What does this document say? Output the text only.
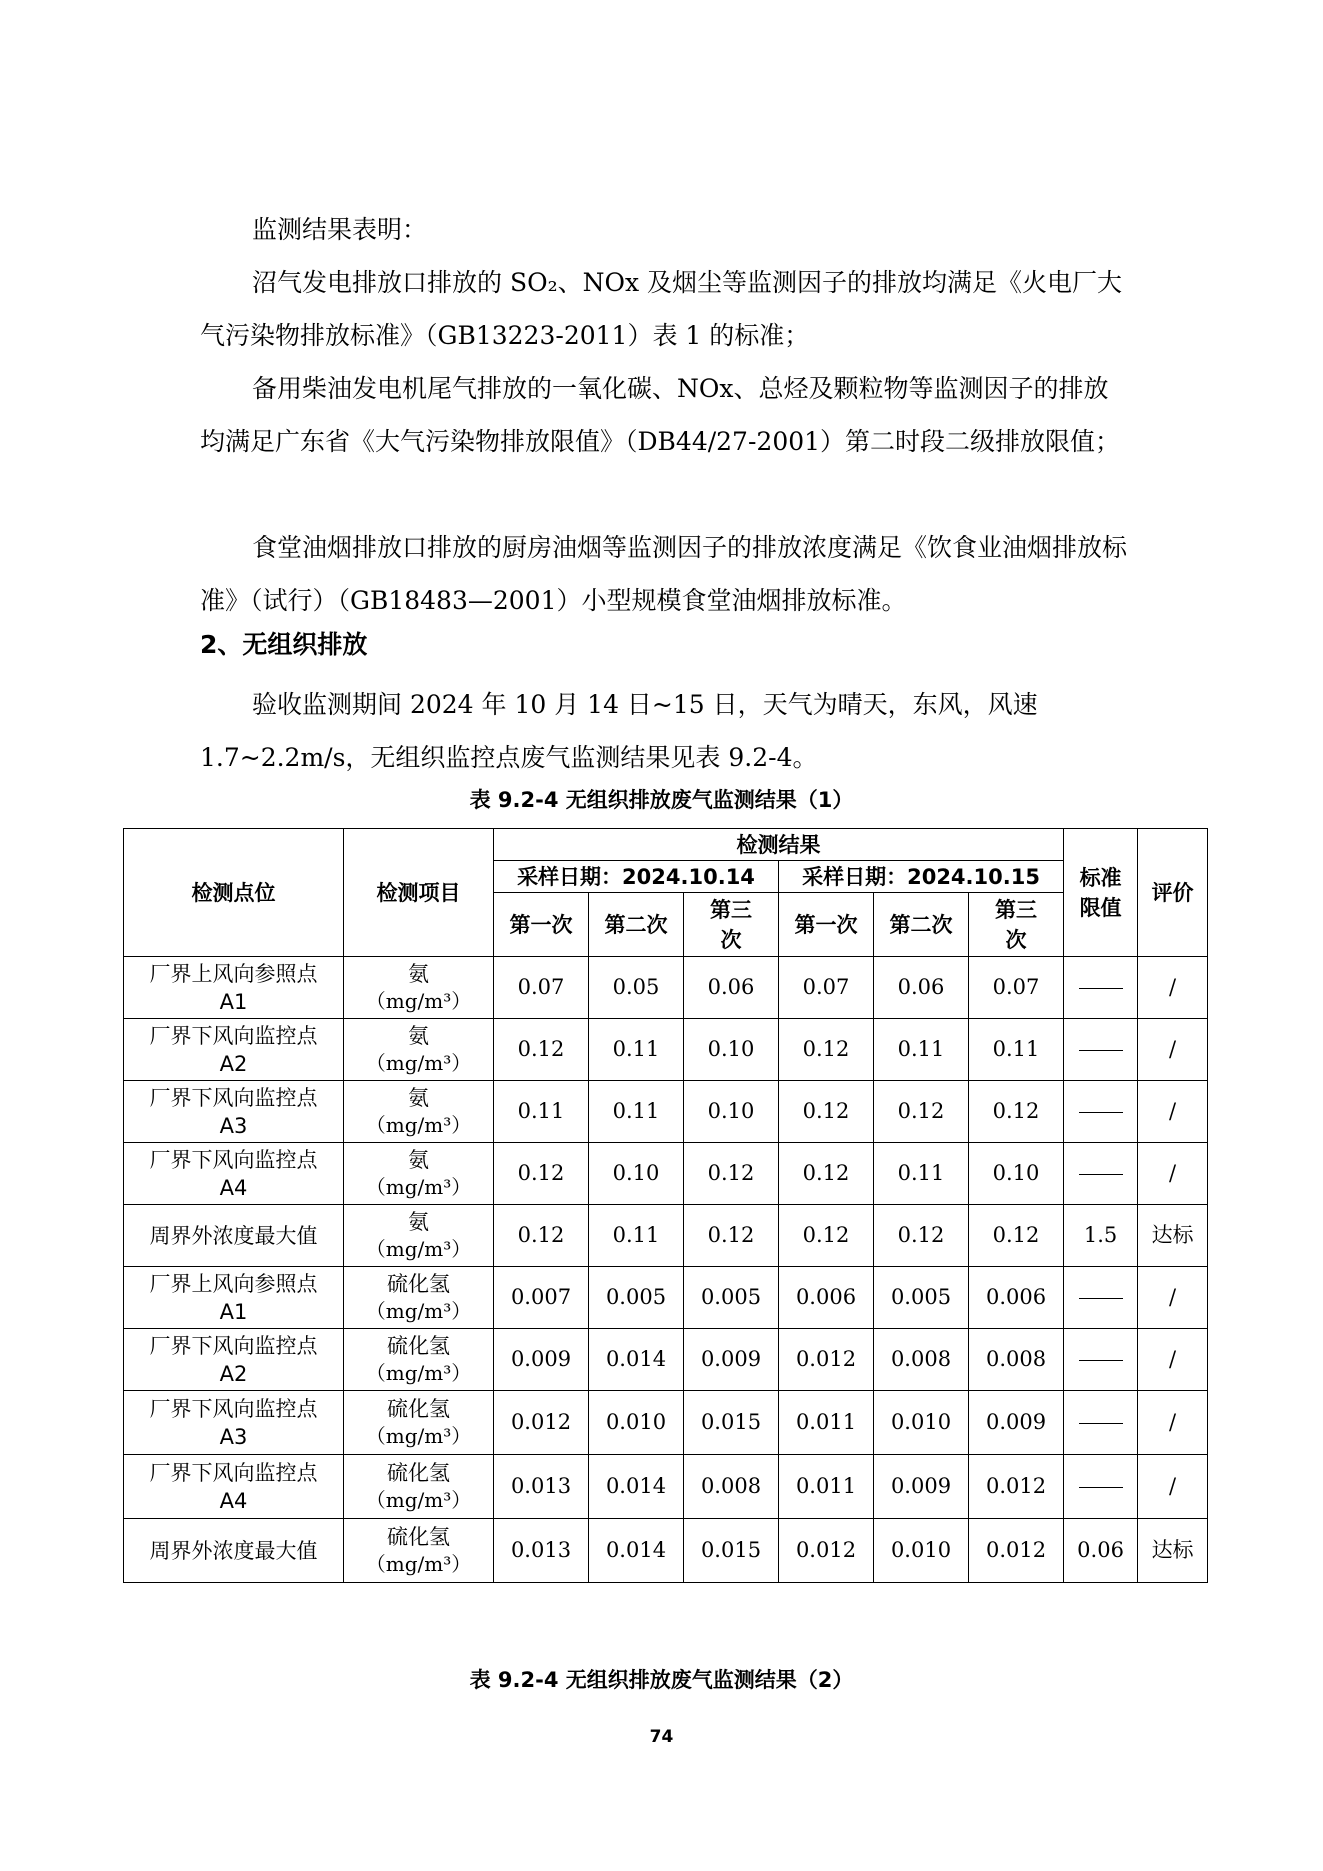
监测结果表明：

沼气发电排放口排放的 SO₂、NOx 及烟尘等监测因子的排放均满足《火电厂大气污染物排放标准》（GB13223-2011）表 1 的标准；

备用柴油发电机尾气排放的一氧化碳、NOx、总烃及颗粒物等监测因子的排放均满足广东省《大气污染物排放限值》（DB44/27-2001）第二时段二级排放限值；

食堂油烟排放口排放的厨房油烟等监测因子的排放浓度满足《饮食业油烟排放标准》（试行）（GB18483—2001）小型规模食堂油烟排放标准。

2、无组织排放

验收监测期间 2024 年 10 月 14 日~15 日，天气为晴天，东风，风速 1.7~2.2m/s，无组织监控点废气监测结果见表 9.2-4。

表 9.2-4 无组织排放废气监测结果（1）

检测点位	检测项目	检测结果						标准限值	评价
		采样日期：2024.10.14			采样日期：2024.10.15				
		第一次	第二次	第三次	第一次	第二次	第三次		

厂界上风向参照点 A1	氨
（mg/m³）	0.07	0.05	0.06	0.07	0.06	0.07		/

厂界下风向监控点 A2	氨
（mg/m³）	0.12	0.11	0.10	0.12	0.11	0.11		/

厂界下风向监控点 A3	氨
（mg/m³）	0.11	0.11	0.10	0.12	0.12	0.12		/

厂界下风向监控点 A4	氨
（mg/m³）	0.12	0.10	0.12	0.12	0.11	0.10		/

周界外浓度最大值	氨
（mg/m³）	0.12	0.11	0.12	0.12	0.12	0.12	1.5	达标

厂界上风向参照点 A1	硫化氢
（mg/m³）	0.007	0.005	0.005	0.006	0.005	0.006		/

厂界下风向监控点 A2	硫化氢
（mg/m³）	0.009	0.014	0.009	0.012	0.008	0.008		/

厂界下风向监控点 A3	硫化氢
（mg/m³）	0.012	0.010	0.015	0.011	0.010	0.009		/

厂界下风向监控点 A4	硫化氢
（mg/m³）	0.013	0.014	0.008	0.011	0.009	0.012		/

周界外浓度最大值	硫化氢
（mg/m³）	0.013	0.014	0.015	0.012	0.010	0.012	0.06	达标

表 9.2-4 无组织排放废气监测结果（2）

74
